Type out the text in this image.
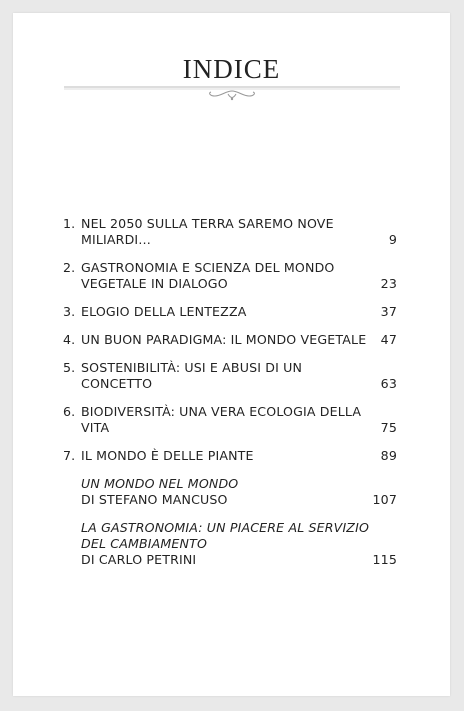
INDICE
1. NEL 2050 SULLA TERRA SAREMO NOVE MILIARDI…	9
2. GASTRONOMIA E SCIENZA DEL MONDO
VEGETALE IN DIALOGO	23
3. ELOGIO DELLA LENTEZZA	37
4. UN BUON PARADIGMA: IL MONDO VEGETALE 47
5. SOSTENIBILITÀ: USI E ABUSI DI UN CONCETTO	63
6. BIODIVERSITÀ: UNA VERA ECOLOGIA DELLA VITA	75
7. IL MONDO È DELLE PIANTE	89
UN MONDO NEL MONDO
DI STEFANO MANCUSO	107
LA GASTRONOMIA: UN PIACERE AL SERVIZIO
DEL CAMBIAMENTO
DI CARLO PETRINI	115
